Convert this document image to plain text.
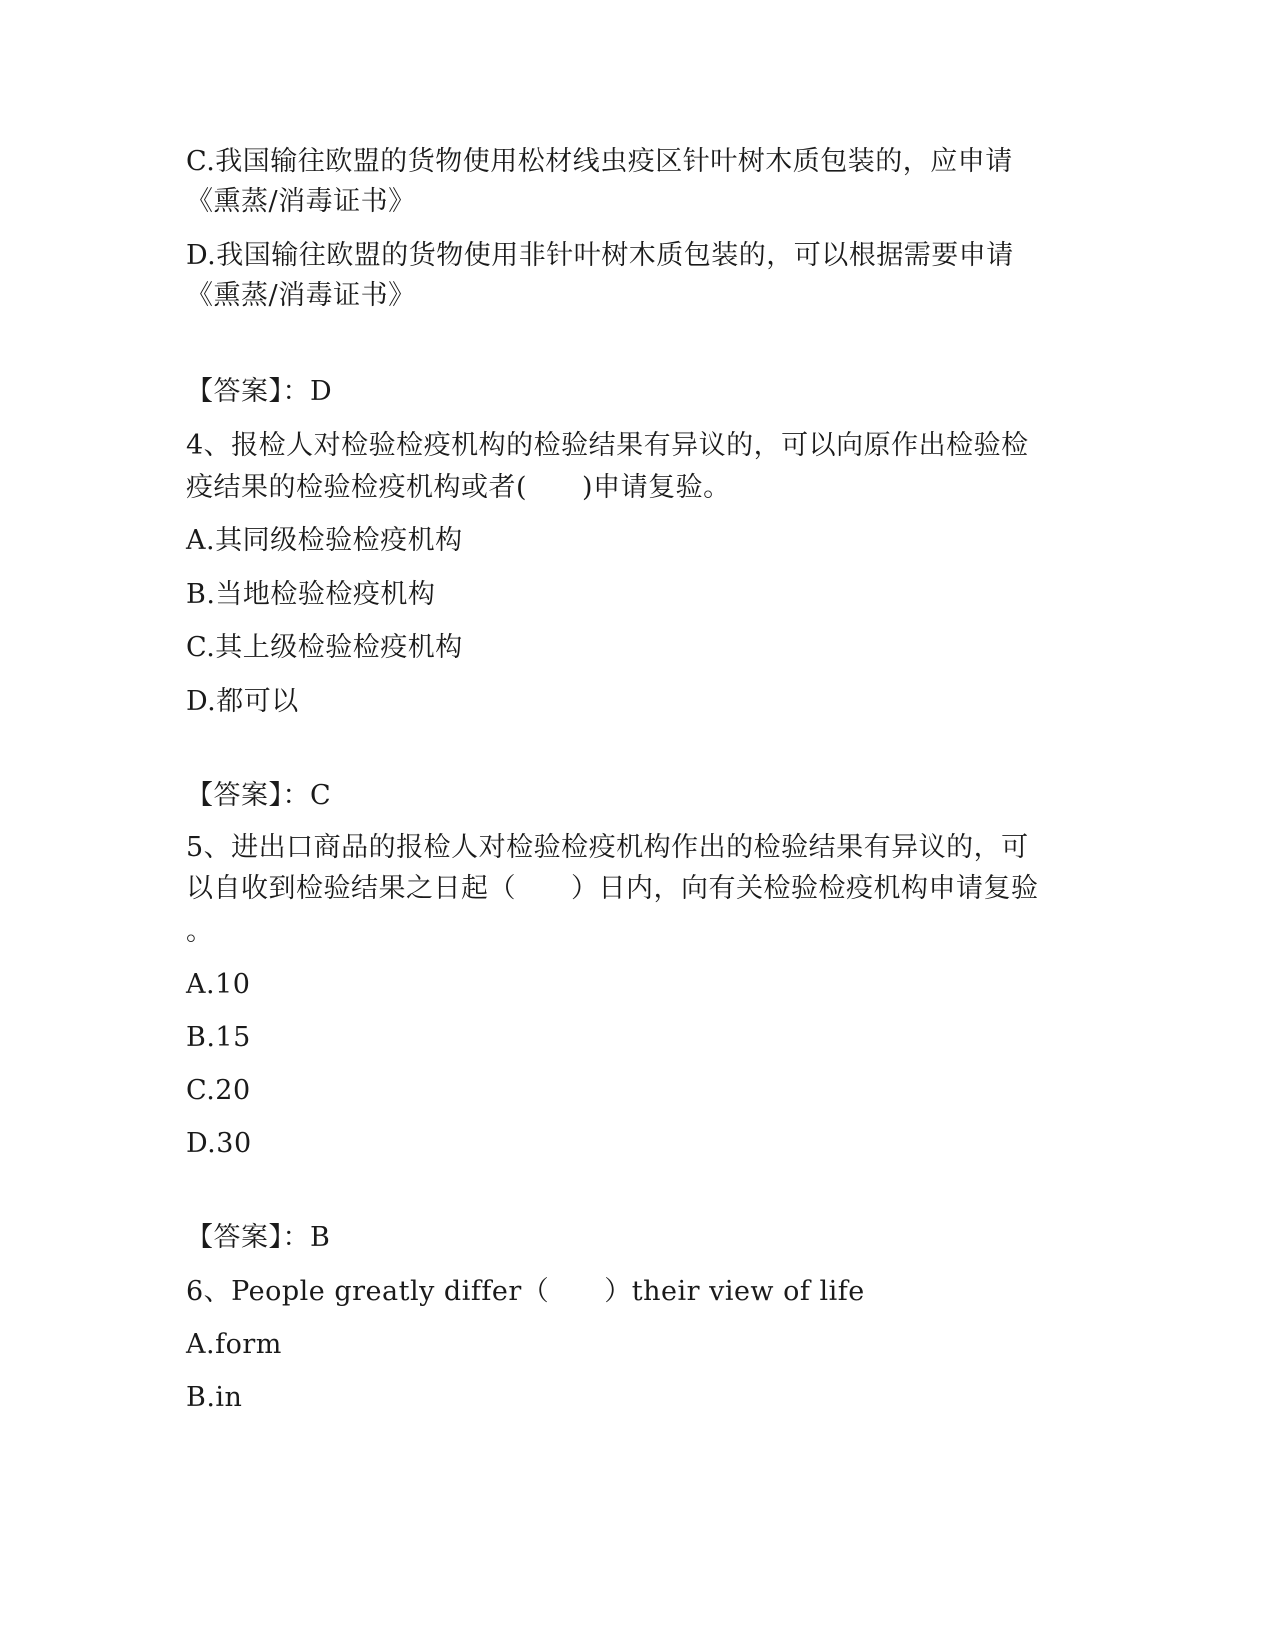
C.我国输往欧盟的货物使用松材线虫疫区针叶树木质包装的，应申请
《熏蒸/消毒证书》
D.我国输往欧盟的货物使用非针叶树木质包装的，可以根据需要申请
《熏蒸/消毒证书》
【答案】：D
4、报检人对检验检疫机构的检验结果有异议的，可以向原作出检验检
疫结果的检验检疫机构或者(　　)申请复验。
A.其同级检验检疫机构
B.当地检验检疫机构
C.其上级检验检疫机构
D.都可以
【答案】：C
5、进出口商品的报检人对检验检疫机构作出的检验结果有异议的，可
以自收到检验结果之日起（　　）日内，向有关检验检疫机构申请复验
。
A.10
B.15
C.20
D.30
【答案】：B
6、People greatly differ（　　）their view of life
A.form
B.in
